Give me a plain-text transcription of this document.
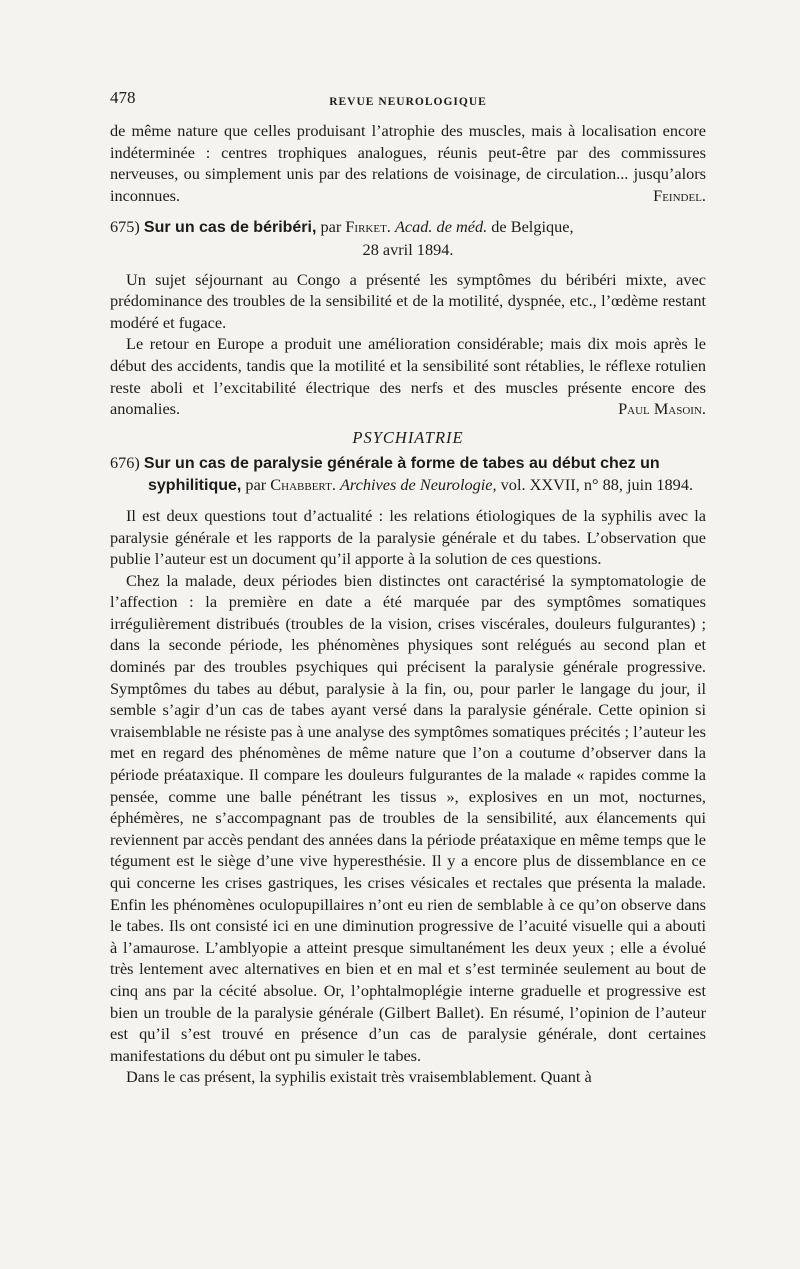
478	REVUE NEUROLOGIQUE

de même nature que celles produisant l’atrophie des muscles, mais à localisation encore indéterminée : centres trophiques analogues, réunis peut-être par des commissures nerveuses, ou simplement unis par des relations de voisinage, de circulation... jusqu’alors inconnues.	Feindel.

675) Sur un cas de béribéri, par Firket. Acad. de méd. de Belgique,
28 avril 1894.

Un sujet séjournant au Congo a présenté les symptômes du béribéri mixte, avec prédominance des troubles de la sensibilité et de la motilité, dyspnée, etc., l’œdème restant modéré et fugace.

Le retour en Europe a produit une amélioration considérable; mais dix mois après le début des accidents, tandis que la motilité et la sensibilité sont rétablies, le réflexe rotulien reste aboli et l’excitabilité électrique des nerfs et des muscles présente encore des anomalies.	Paul Masoin.

PSYCHIATRIE
676) Sur un cas de paralysie générale à forme de tabes au début chez un syphilitique, par Chabbert. Archives de Neurologie, vol. XXVII, n° 88, juin 1894.

Il est deux questions tout d’actualité : les relations étiologiques de la syphilis avec la paralysie générale et les rapports de la paralysie générale et du tabes. L’observation que publie l’auteur est un document qu’il apporte à la solution de ces questions.

Chez la malade, deux périodes bien distinctes ont caractérisé la symptomatologie de l’affection : la première en date a été marquée par des symptômes somatiques irrégulièrement distribués (troubles de la vision, crises viscérales, douleurs fulgurantes) ; dans la seconde période, les phénomènes physiques sont relégués au second plan et dominés par des troubles psychiques qui précisent la paralysie générale progressive. Symptômes du tabes au début, paralysie à la fin, ou, pour parler le langage du jour, il semble s’agir d’un cas de tabes ayant versé dans la paralysie générale. Cette opinion si vraisemblable ne résiste pas à une analyse des symptômes somatiques précités ; l’auteur les met en regard des phénomènes de même nature que l’on a coutume d’observer dans la période préataxique. Il compare les douleurs fulgurantes de la malade « rapides comme la pensée, comme une balle pénétrant les tissus », explosives en un mot, nocturnes, éphémères, ne s’accompagnant pas de troubles de la sensibilité, aux élancements qui reviennent par accès pendant des années dans la période préataxique en même temps que le tégument est le siège d’une vive hyperesthésie. Il y a encore plus de dissemblance en ce qui concerne les crises gastriques, les crises vésicales et rectales que présenta la malade. Enfin les phénomènes oculopupillaires n’ont eu rien de semblable à ce qu’on observe dans le tabes. Ils ont consisté ici en une diminution progressive de l’acuité visuelle qui a abouti à l’amaurose. L’amblyopie a atteint presque simultanément les deux yeux ; elle a évolué très lentement avec alternatives en bien et en mal et s’est terminée seulement au bout de cinq ans par la cécité absolue. Or, l’ophtalmoplégie interne graduelle et progressive est bien un trouble de la paralysie générale (Gilbert Ballet). En résumé, l’opinion de l’auteur est qu’il s’est trouvé en présence d’un cas de paralysie générale, dont certaines manifestations du début ont pu simuler le tabes.

Dans le cas présent, la syphilis existait très vraisemblablement. Quant à
